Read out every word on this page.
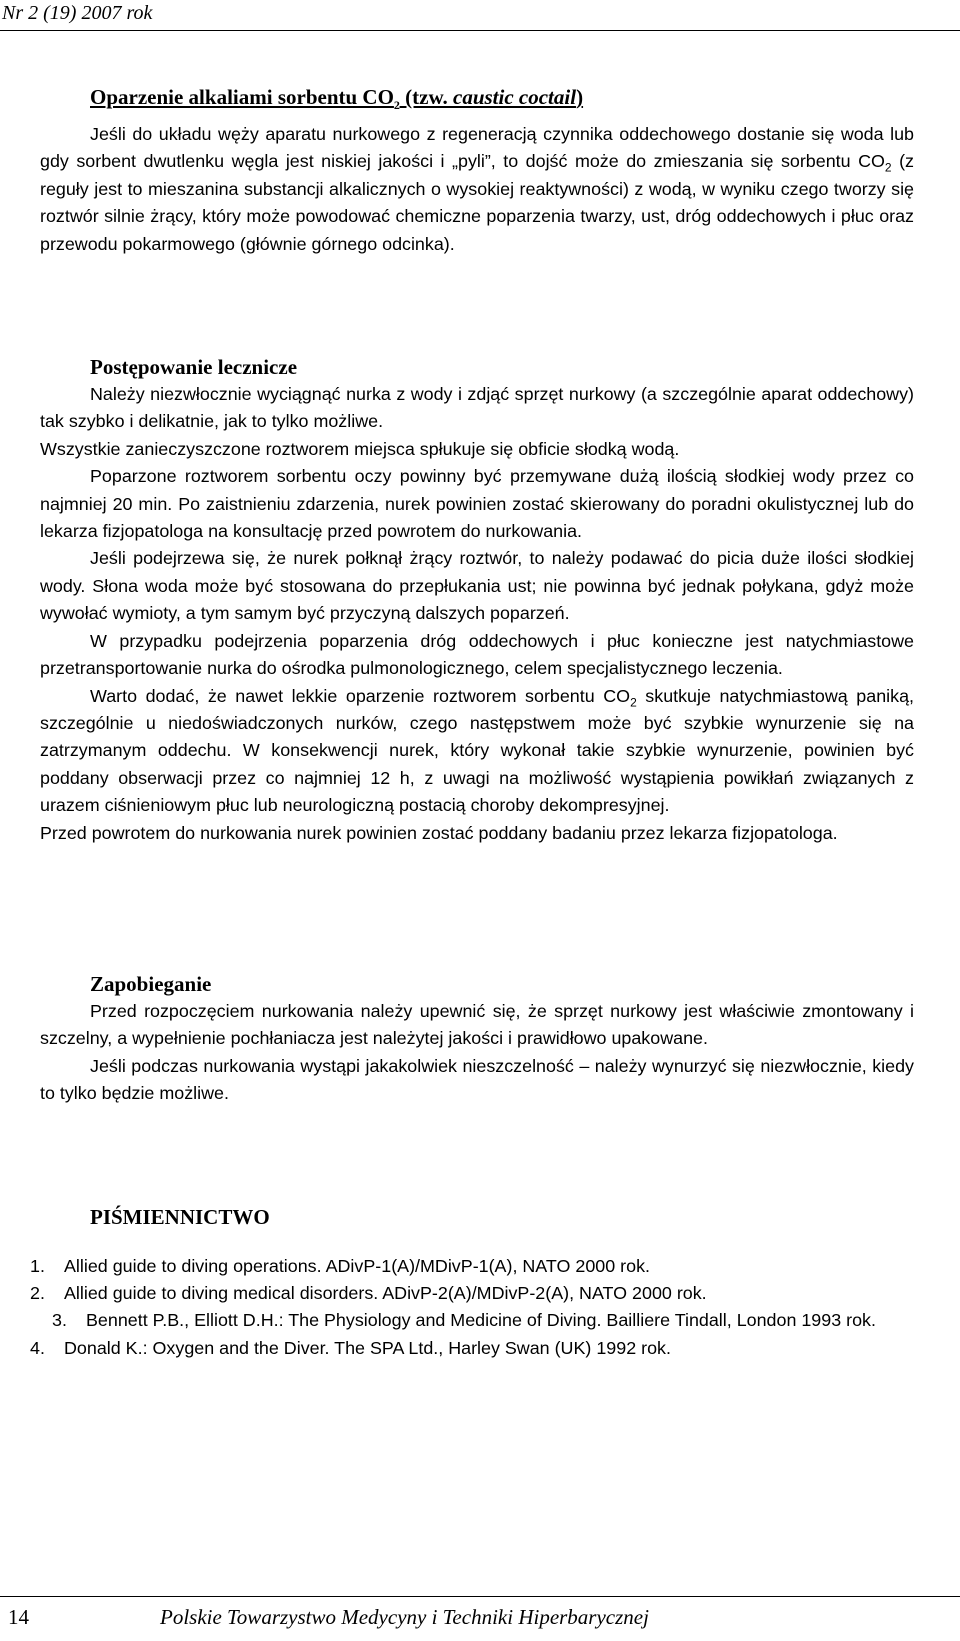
Nr 2 (19) 2007 rok
Oparzenie alkaliami sorbentu $CO_2$ (tzw. caustic coctail)

Jeśli do układu węży aparatu nurkowego z regeneracją czynnika oddechowego dostanie się woda lub gdy sorbent dwutlenku węgla jest niskiej jakości i „pyli”, to dojść może do zmieszania się sorbentu $CO_2$ (z reguły jest to mieszanina substancji alkalicznych o wysokiej reaktywności) z wodą, w wyniku czego tworzy się roztwór silnie żrący, który może powodować chemiczne poparzenia twarzy, ust, dróg oddechowych i płuc oraz przewodu pokarmowego (głównie górnego odcinka).

Postępowanie lecznicze

Należy niezwłocznie wyciągnąć nurka z wody i zdjąć sprzęt nurkowy (a szczególnie aparat oddechowy) tak szybko i delikatnie, jak to tylko możliwe.

Wszystkie zanieczyszczone roztworem miejsca spłukuje się obficie słodką wodą.

Poparzone roztworem sorbentu oczy powinny być przemywane dużą ilością słodkiej wody przez co najmniej 20 min. Po zaistnieniu zdarzenia, nurek powinien zostać skierowany do poradni okulistycznej lub do lekarza fizjopatologa na konsultację przed powrotem do nurkowania.

Jeśli podejrzewa się, że nurek połknął żrący roztwór, to należy podawać do picia duże ilości słodkiej wody. Słona woda może być stosowana do przepłukania ust; nie powinna być jednak połykana, gdyż może wywołać wymioty, a tym samym być przyczyną dalszych poparzeń.

W przypadku podejrzenia poparzenia dróg oddechowych i płuc konieczne jest natychmiastowe przetransportowanie nurka do ośrodka pulmonologicznego, celem specjalistycznego leczenia.

Warto dodać, że nawet lekkie oparzenie roztworem sorbentu $CO_2$ skutkuje natychmiastową paniką, szczególnie u niedoświadczonych nurków, czego następstwem może być szybkie wynurzenie się na zatrzymanym oddechu. W konsekwencji nurek, który wykonał takie szybkie wynurzenie, powinien być poddany obserwacji przez co najmniej 12 h, z uwagi na możliwość wystąpienia powikłań związanych z urazem ciśnieniowym płuc lub neurologiczną postacią choroby dekompresyjnej.

Przed powrotem do nurkowania nurek powinien zostać poddany badaniu przez lekarza fizjopatologa.

Zapobieganie

Przed rozpoczęciem nurkowania należy upewnić się, że sprzęt nurkowy jest właściwie zmontowany i szczelny, a wypełnienie pochłaniacza jest należytej jakości i prawidłowo upakowane.

Jeśli podczas nurkowania wystąpi jakakolwiek nieszczelność – należy wynurzyć się niezwłocznie, kiedy to tylko będzie możliwe.

PIŚMIENNICTWO
1. Allied guide to diving operations. ADivP-1(A)/MDivP-1(A), NATO 2000 rok.
2. Allied guide to diving medical disorders. ADivP-2(A)/MDivP-2(A), NATO 2000 rok.
3. Bennett P.B., Elliott D.H.: The Physiology and Medicine of Diving. Bailliere Tindall, London 1993 rok.
4. Donald K.: Oxygen and the Diver. The SPA Ltd., Harley Swan (UK) 1992 rok.
14	Polskie Towarzystwo Medycyny i Techniki Hiperbarycznej
